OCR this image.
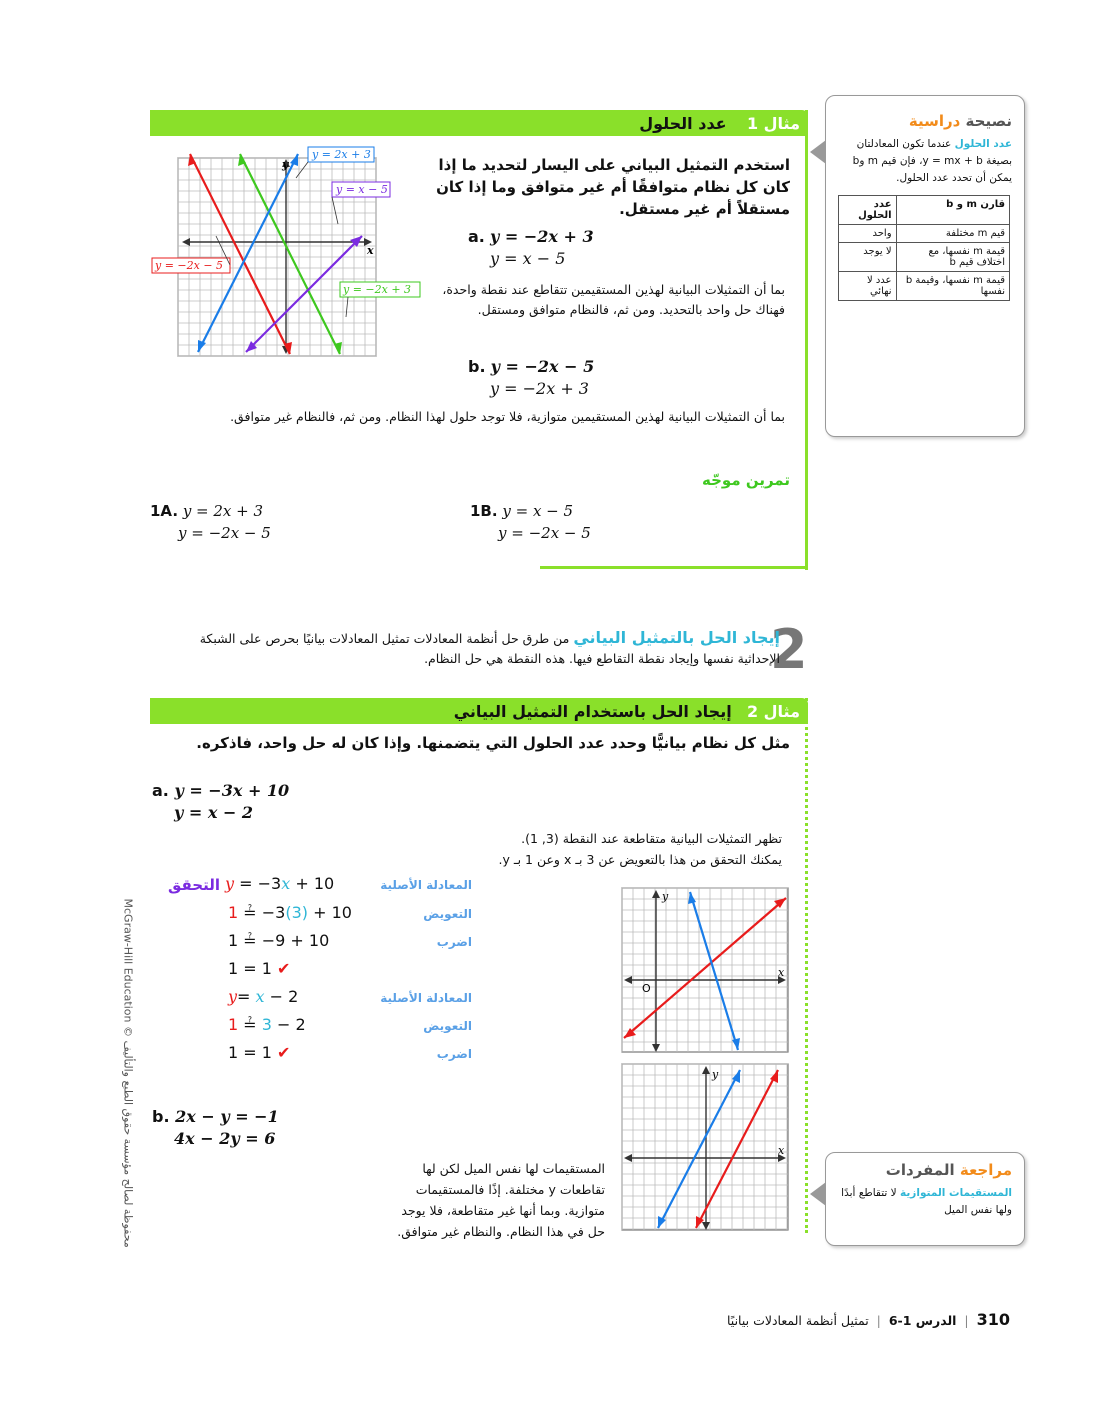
مثال 1    عدد الحلول
x
y
y = 2x + 3
y = x − 5
y = −2x − 5
y = −2x + 3
استخدم التمثيل البياني على اليسار لتحديد ما إذا كان كل نظام متوافقًا أم غير متوافق وما إذا كان مستقلاً أم غير مستقل.
a. y = −2x + 3
y = x − 5
بما أن التمثيلات البيانية لهذين المستقيمين تتقاطع عند نقطة واحدة، فهناك حل واحد بالتحديد. ومن ثم، فالنظام متوافق ومستقل.
b. y = −2x − 5
y = −2x + 3
بما أن التمثيلات البيانية لهذين المستقيمين متوازية، فلا توجد حلول لهذا النظام. ومن ثم، فالنظام غير متوافق.
تمرين موجّه
1A. y = 2x + 3
y = −2x − 5
1B. y = x − 5
y = −2x − 5
نصيحة دراسية
عدد الحلول عندما تكون المعادلتان بصيغة y = mx + b، فإن قيم m وb يمكن أن تحدد عدد الحلول.
قارن m و b	عدد الحلول
قيم m مختلفة	واحد
قيمة m نفسها، مع اختلاف قيم b	لا يوجد
قيمة m نفسها، وقيمة b نفسها	عدد لا نهائي
2
إيجاد الحل بالتمثيل البياني من طرق حل أنظمة المعادلات تمثيل المعادلات بيانيًا بحرص على الشبكة الإحداثية نفسها وإيجاد نقطة التقاطع فيها. هذه النقطة هي حل النظام.
مثال 2   إيجاد الحل باستخدام التمثيل البياني
مثل كل نظام بيانيًّا وحدد عدد الحلول التي يتضمنها. وإذا كان له حل واحد، فاذكره.
a. y = −3x + 10
y = x − 2
تظهر التمثيلات البيانية متقاطعة عند النقطة (3, 1).
يمكنك التحقق من هذا بالتعويض عن 3 بـ x وعن 1 بـ y.
التحقق y = −3x + 10	المعادلة الأصلية
1 ≟ −3(3) + 10	التعويض
1 ≟ −9 + 10	اضرب
1 = 1 ✔
y= x − 2	المعادلة الأصلية
1 ≟ 3 − 2	التعويض
1 = 1 ✔	اضرب
y
x
O
b. 2x − y = −1
4x − 2y = 6
المستقيمات لها نفس الميل لكن لها تقاطعات y مختلفة. إذًا فالمستقيمات متوازية. وبما أنها غير متقاطعة، فلا يوجد حل في هذا النظام. والنظام غير متوافق.
y
x
مراجعة المفردات
المستقيمات المتوازية لا تتقاطع أبدًا ولها نفس الميل
McGraw-Hill Education © محفوظة لصالح مؤسسة حقوق الطبع والتأليف
310  |  الدرس 1-6  |  تمثيل أنظمة المعادلات بيانيًا
